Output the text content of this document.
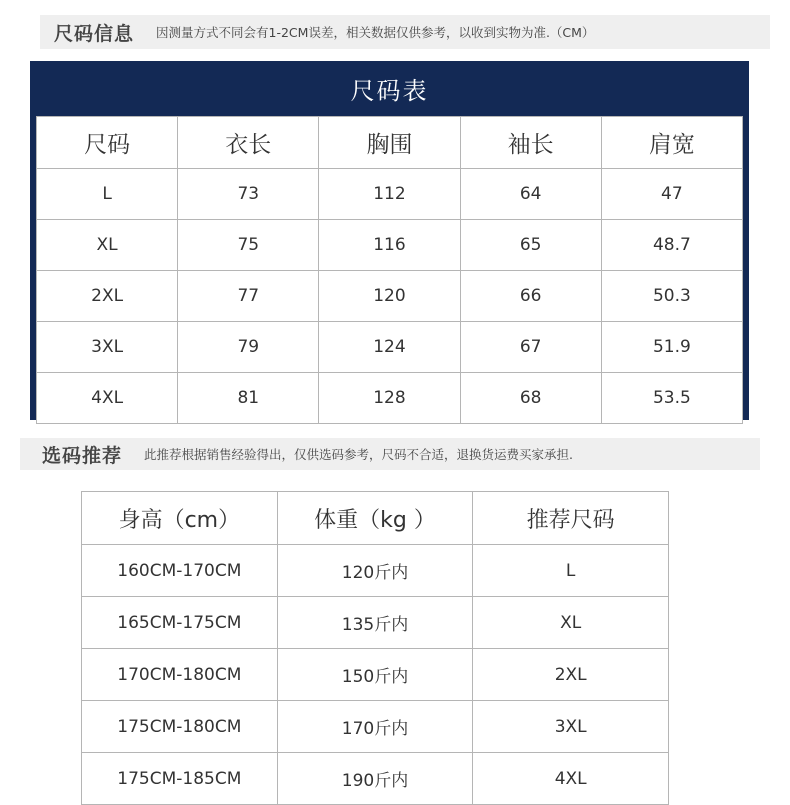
尺码信息 因测量方式不同会有1-2CM误差，相关数据仅供参考，以收到实物为准.（CM）
尺码表
尺码	衣长	胸围	袖长	肩宽
L	73	112	64	47
XL	75	116	65	48.7
2XL	77	120	66	50.3
3XL	79	124	67	51.9
4XL	81	128	68	53.5
选码推荐 此推荐根据销售经验得出，仅供选码参考，尺码不合适，退换货运费买家承担.
身高（cm）	体重（kg ）	推荐尺码
160CM-170CM	120斤内	L
165CM-175CM	135斤内	XL
170CM-180CM	150斤内	2XL
175CM-180CM	170斤内	3XL
175CM-185CM	190斤内	4XL
